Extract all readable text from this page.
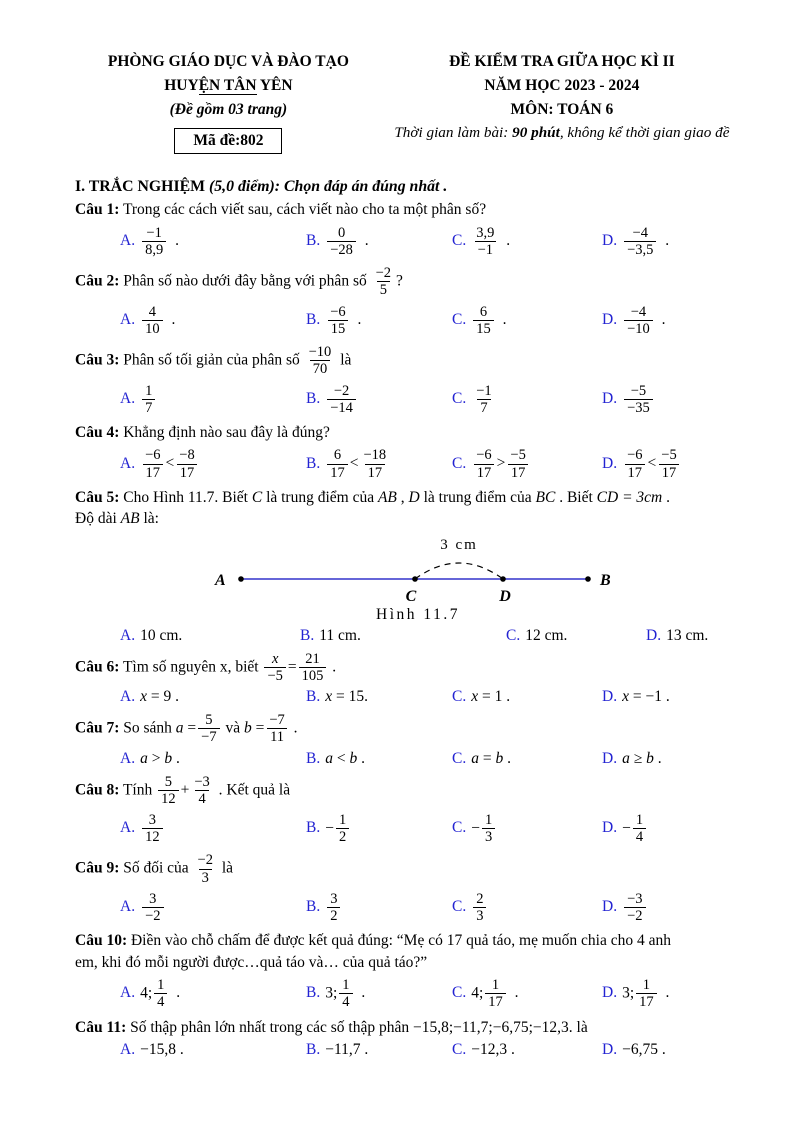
PHÒNG GIÁO DỤC VÀ ĐÀO TẠO
HUYỆN TÂN YÊN
(Đề gồm 03 trang)
Mã đề:802
ĐỀ KIỂM TRA GIỮA HỌC KÌ II
NĂM HỌC 2023 - 2024
MÔN: TOÁN 6
Thời gian làm bài: 90 phút, không kể thời gian giao đề
I. TRẮC NGHIỆM (5,0 điểm): Chọn đáp án đúng nhất .
Câu 1: Trong các cách viết sau, cách viết nào cho ta một phân số?
A. $\frac{-1}{8,9}$ .	B. $\frac{0}{-28}$ .	C. $\frac{3,9}{-1}$ .	D. $\frac{-4}{-3,5}$ .
Câu 2: Phân số nào dưới đây bằng với phân số $\frac{-2}{5}$ ?
A. $\frac{4}{10}$ .	B. $\frac{-6}{15}$ .	C. $\frac{6}{15}$ .	D. $\frac{-4}{-10}$ .
Câu 3: Phân số tối giản của phân số $\frac{-10}{70}$ là
A. $\frac{1}{7}$	B. $\frac{-2}{-14}$	C. $\frac{-1}{7}$	D. $\frac{-5}{-35}$
Câu 4: Khẳng định nào sau đây là đúng?
A. $\frac{-6}{17} < \frac{-8}{17}$	B. $\frac{6}{17} < \frac{-18}{17}$	C. $\frac{-6}{17} > \frac{-5}{17}$	D. $\frac{-6}{17} < \frac{-5}{17}$
Câu 5: Cho Hình 11.7. Biết C là trung điểm của AB , D là trung điểm của BC . Biết CD = 3cm .
Độ dài AB là:
3 cm
A	B
C	D
Hình 11.7
A. 10 cm.	B. 11 cm.	C. 12 cm.	D. 13 cm.
Câu 6: Tìm số nguyên x, biết $\frac{x}{-5} = \frac{21}{105}$ .
A. x = 9 .	B. x = 15.	C. x = 1 .	D. x = −1 .
Câu 7: So sánh $a = \frac{5}{-7}$ và $b = \frac{-7}{11}$ .
A. a > b .	B. a < b .	C. a = b .	D. a ≥ b .
Câu 8: Tính $\frac{5}{12} + \frac{-3}{4}$ . Kết quả là
A. $\frac{3}{12}$	B. − $\frac{1}{2}$	C. − $\frac{1}{3}$	D. − $\frac{1}{4}$
Câu 9: Số đối của $\frac{-2}{3}$ là
A. $\frac{3}{-2}$	B. $\frac{3}{2}$	C. $\frac{2}{3}$	D. $\frac{-3}{-2}$
Câu 10: Điền vào chỗ chấm để được kết quả đúng: “Mẹ có 17 quả táo, mẹ muốn chia cho 4 anh
em, khi đó mỗi người được…quả táo và… của quả táo?”
A. 4; $\frac{1}{4}$ .	B. 3; $\frac{1}{4}$ .	C. 4; $\frac{1}{17}$ .	D. 3; $\frac{1}{17}$ .
Câu 11: Số thập phân lớn nhất trong các số thập phân −15,8;−11,7;−6,75;−12,3. là
A. −15,8 .	B. −11,7 .	C. −12,3 .	D. −6,75 .
